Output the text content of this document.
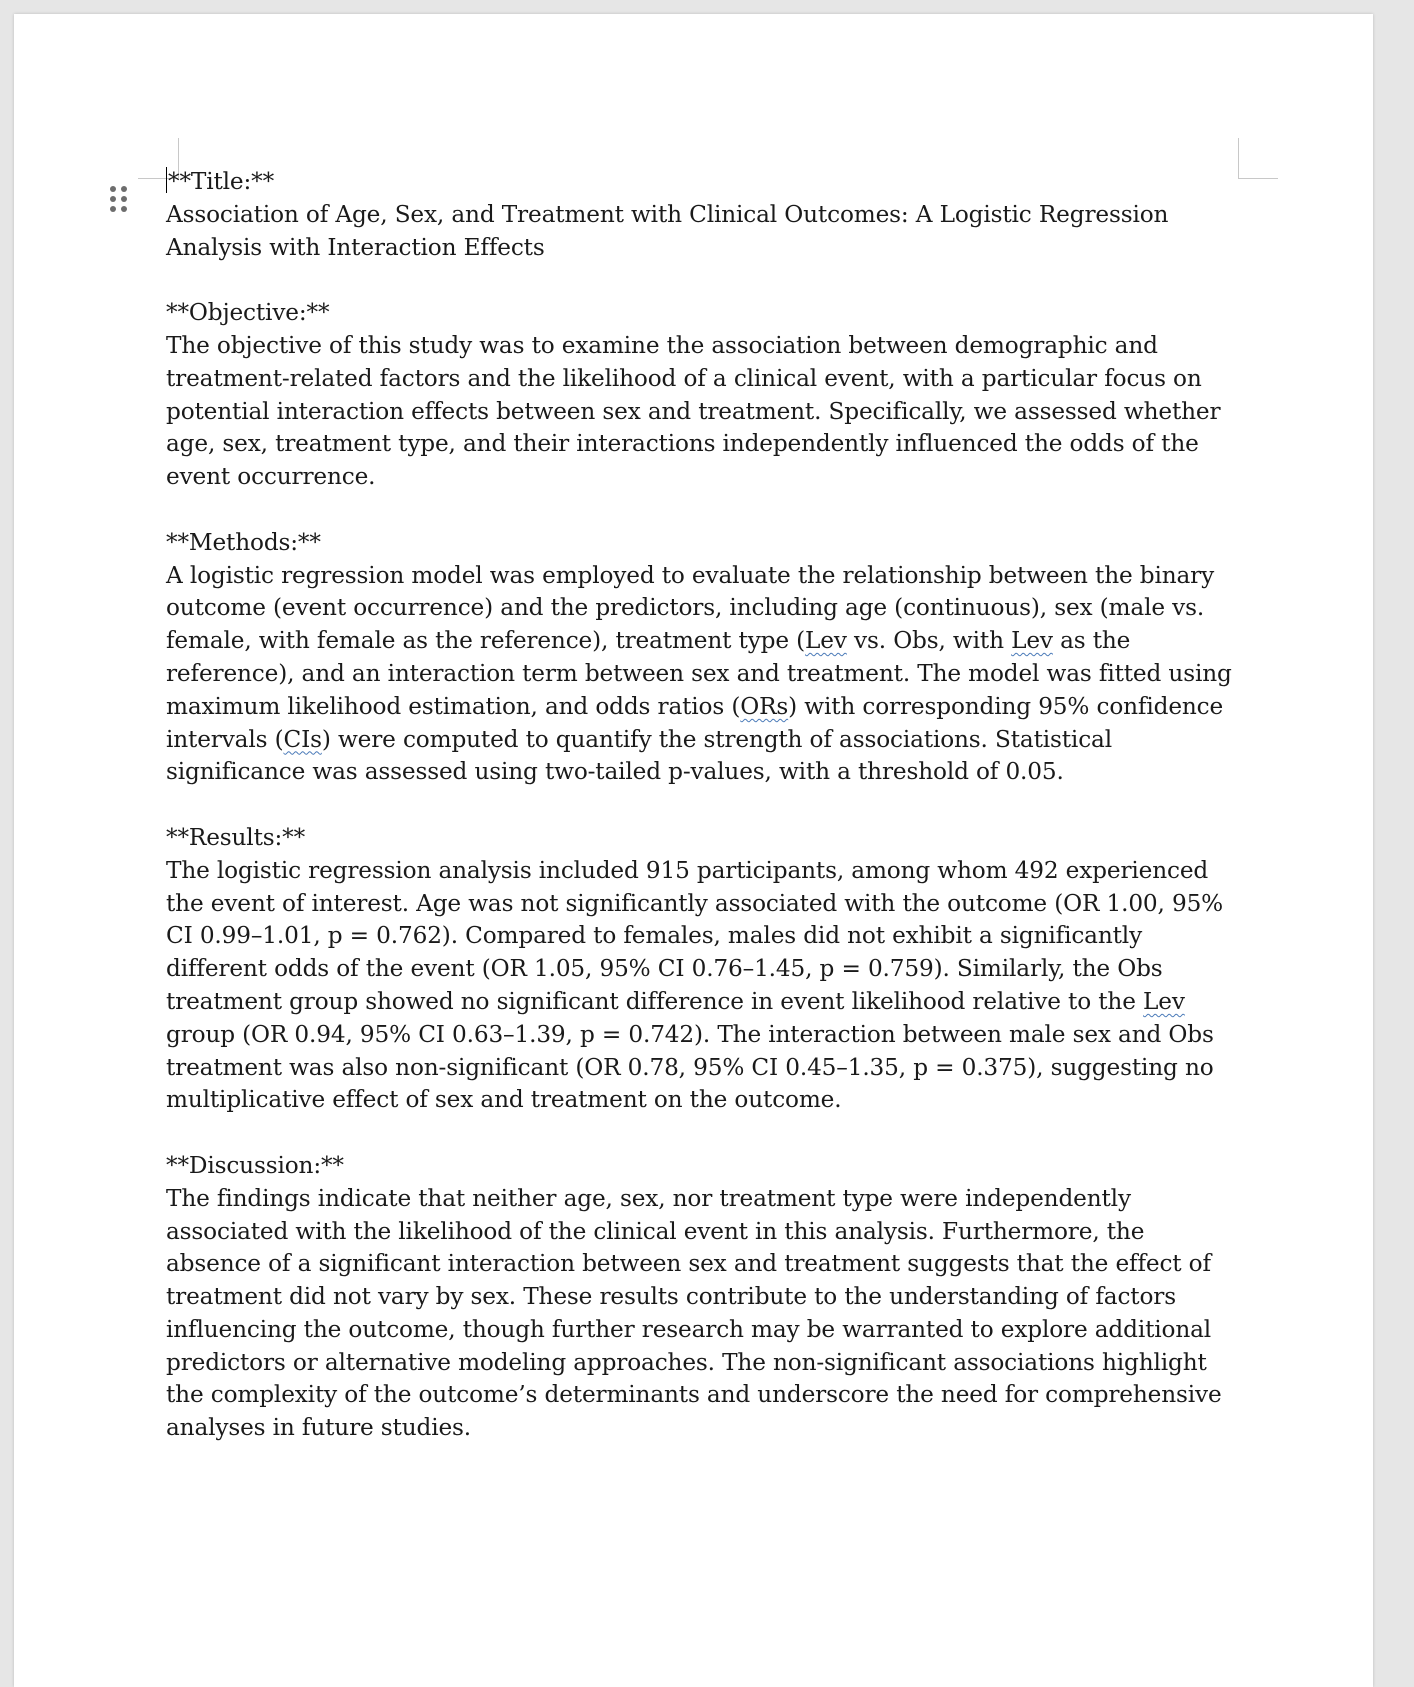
**Title:**
Association of Age, Sex, and Treatment with Clinical Outcomes: A Logistic Regression Analysis with Interaction Effects
**Objective:**
The objective of this study was to examine the association between demographic and treatment-related factors and the likelihood of a clinical event, with a particular focus on potential interaction effects between sex and treatment. Specifically, we assessed whether age, sex, treatment type, and their interactions independently influenced the odds of the event occurrence.
**Methods:**
A logistic regression model was employed to evaluate the relationship between the binary outcome (event occurrence) and the predictors, including age (continuous), sex (male vs. female, with female as the reference), treatment type (Lev vs. Obs, with Lev as the reference), and an interaction term between sex and treatment. The model was fitted using maximum likelihood estimation, and odds ratios (ORs) with corresponding 95% confidence intervals (CIs) were computed to quantify the strength of associations. Statistical significance was assessed using two-tailed p-values, with a threshold of 0.05.
**Results:**
The logistic regression analysis included 915 participants, among whom 492 experienced the event of interest. Age was not significantly associated with the outcome (OR 1.00, 95% CI 0.99–1.01, p = 0.762). Compared to females, males did not exhibit a significantly different odds of the event (OR 1.05, 95% CI 0.76–1.45, p = 0.759). Similarly, the Obs treatment group showed no significant difference in event likelihood relative to the Lev group (OR 0.94, 95% CI 0.63–1.39, p = 0.742). The interaction between male sex and Obs treatment was also non-significant (OR 0.78, 95% CI 0.45–1.35, p = 0.375), suggesting no multiplicative effect of sex and treatment on the outcome.
**Discussion:**
The findings indicate that neither age, sex, nor treatment type were independently associated with the likelihood of the clinical event in this analysis. Furthermore, the absence of a significant interaction between sex and treatment suggests that the effect of treatment did not vary by sex. These results contribute to the understanding of factors influencing the outcome, though further research may be warranted to explore additional predictors or alternative modeling approaches. The non-significant associations highlight the complexity of the outcome’s determinants and underscore the need for comprehensive analyses in future studies.
